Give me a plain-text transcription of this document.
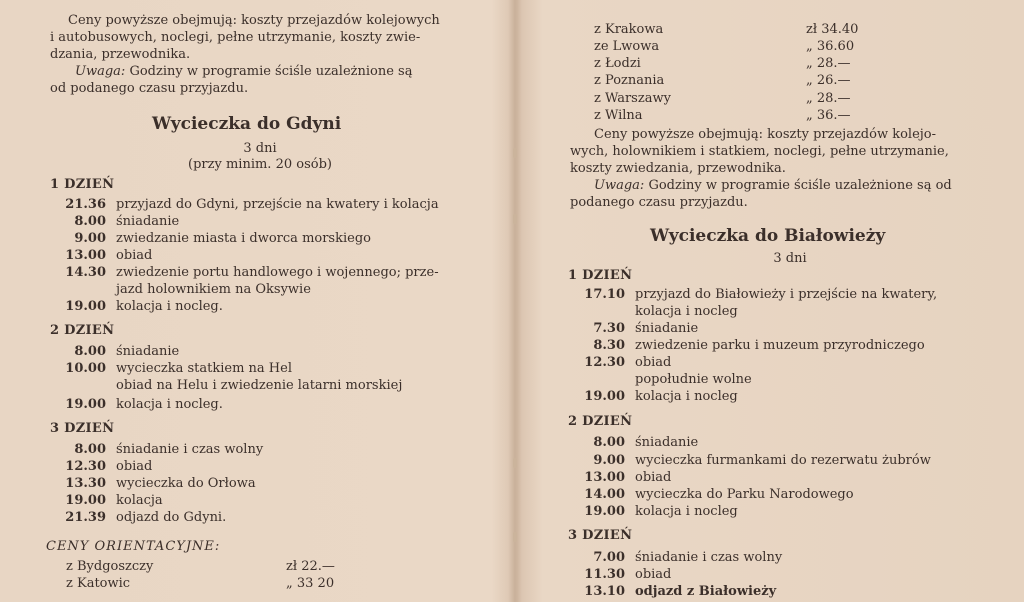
Ceny powyższe obejmują: koszty przejazdów kolejowych
i autobusowych, noclegi, pełne utrzymanie, koszty zwie-
dzania, przewodnika.
Uwaga: Godziny w programie ściśle uzależnione są
od podanego czasu przyjazdu.
Wycieczka do Gdyni
3 dni
(przy minim. 20 osób)
1 DZIEŃ
21.36 przyjazd do Gdyni, przejście na kwatery i kolacja
8.00 śniadanie
9.00 zwiedzanie miasta i dworca morskiego
13.00 obiad
14.30 zwiedzenie portu handlowego i wojennego; prze-
jazd holownikiem na Oksywie
19.00 kolacja i nocleg.
2 DZIEŃ
8.00 śniadanie
10.00 wycieczka statkiem na Hel
obiad na Helu i zwiedzenie latarni morskiej
19.00 kolacja i nocleg.
3 DZIEŃ
8.00 śniadanie i czas wolny
12.30 obiad
13.30 wycieczka do Orłowa
19.00 kolacja
21.39 odjazd do Gdyni.
CENY ORIENTACYJNE:
z Bydgoszczy	zł 22.—
z Katowic	„ 33 20
z Krakowa	zł 34.40
ze Lwowa	„ 36.60
z Łodzi	„ 28.—
z Poznania	„ 26.—
z Warszawy	„ 28.—
z Wilna	„ 36.—
Ceny powyższe obejmują: koszty przejazdów kolejo-
wych, holownikiem i statkiem, noclegi, pełne utrzymanie,
koszty zwiedzania, przewodnika.
Uwaga: Godziny w programie ściśle uzależnione są od
podanego czasu przyjazdu.
Wycieczka do Białowieży
3 dni
1 DZIEŃ
17.10 przyjazd do Białowieży i przejście na kwatery,
kolacja i nocleg
7.30 śniadanie
8.30 zwiedzenie parku i muzeum przyrodniczego
12.30 obiad
popołudnie wolne
19.00 kolacja i nocleg
2 DZIEŃ
8.00 śniadanie
9.00 wycieczka furmankami do rezerwatu żubrów
13.00 obiad
14.00 wycieczka do Parku Narodowego
19.00 kolacja i nocleg
3 DZIEŃ
7.00 śniadanie i czas wolny
11.30 obiad
13.10 odjazd z Białowieży
